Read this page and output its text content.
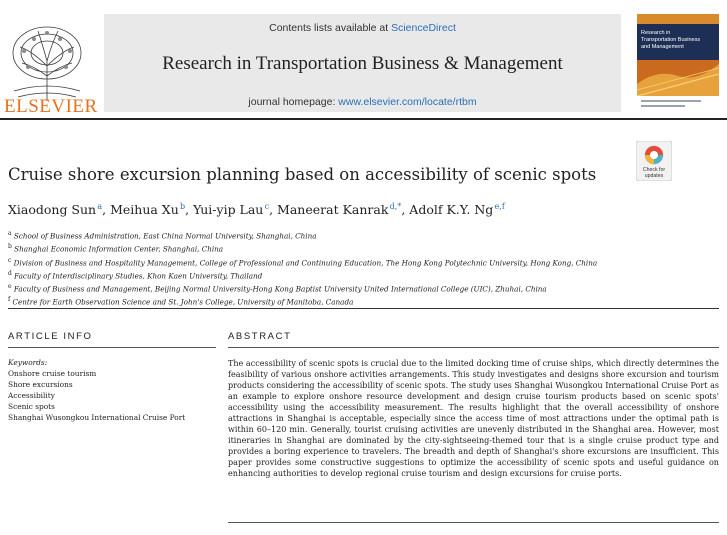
ELSEVIER
Contents lists available at ScienceDirect
Research in Transportation Business & Management
journal homepage: www.elsevier.com/locate/rtbm
Research in
Transportation Business
and Management
Cruise shore excursion planning based on accessibility of scenic spots	Check for
updates
Xiaodong Sun $^a$, Meihua Xu $^b$, Yui-yip Lau $^c$, Maneerat Kanrak $^{d,*}$, Adolf K.Y. Ng $^{e,f}$
$^a$ School of Business Administration, East China Normal University, Shanghai, China
$^b$ Shanghai Economic Information Center, Shanghai, China
$^c$ Division of Business and Hospitality Management, College of Professional and Continuing Education, The Hong Kong Polytechnic University, Hong Kong, China
$^d$ Faculty of Interdisciplinary Studies, Khon Kaen University, Thailand
$^e$ Faculty of Business and Management, Beijing Normal University-Hong Kong Baptist University United International College (UIC), Zhuhai, China
$^f$ Centre for Earth Observation Science and St. John's College, University of Manitoba, Canada
ARTICLE INFO
Keywords:
Onshore cruise tourism
Shore excursions
Accessibility
Scenic spots
Shanghai Wusongkou International Cruise Port
ABSTRACT
The accessibility of scenic spots is crucial due to the limited docking time of cruise ships, which directly determines the feasibility of various onshore activities arrangements. This study investigates and designs shore excursion and tourism products considering the accessibility of scenic spots. The study uses Shanghai Wusongkou International Cruise Port as an example to explore onshore resource development and design cruise tourism products based on scenic spots' accessibility using the accessibility measurement. The results highlight that the overall accessibility of onshore attractions in Shanghai is acceptable, especially since the access time of most attractions under the optimal path is within 60–120 min. Generally, tourist cruising activities are unevenly distributed in the Shanghai area. However, most itineraries in Shanghai are dominated by the city-sightseeing-themed tour that is a single cruise product type and provides a boring experience to travelers. The breadth and depth of Shanghai's shore excursions are insufficient. This paper provides some constructive suggestions to optimize the accessibility of scenic spots and useful guidance on enhancing authorities to develop regional cruise tourism and design excursions for cruise ports.
